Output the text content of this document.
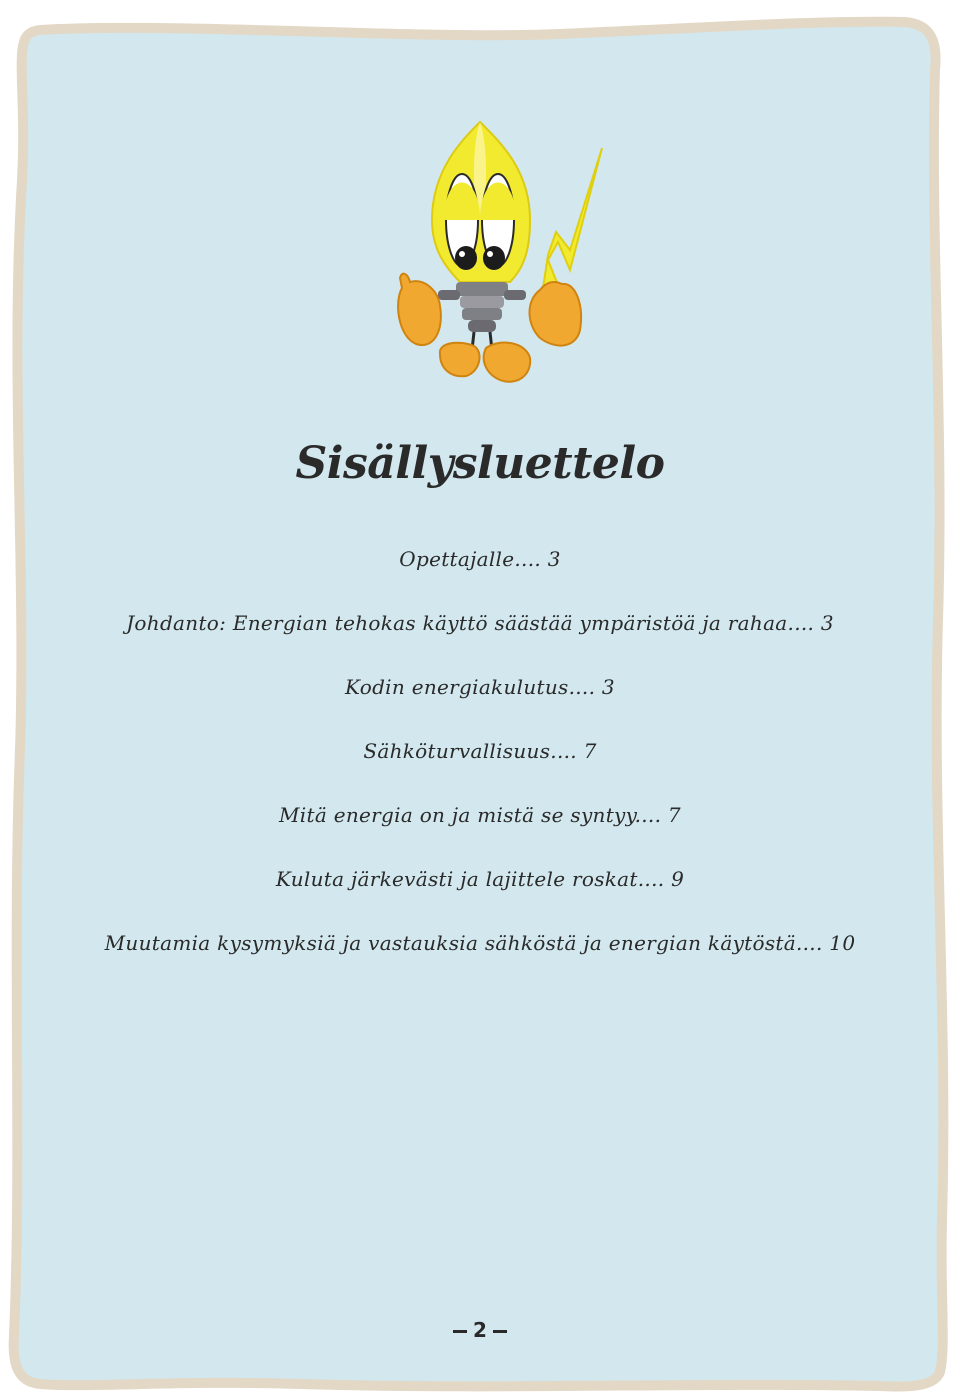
Sisällysluettelo
Opettajalle.... 3
Johdanto: Energian tehokas käyttö säästää ympäristöä ja rahaa.... 3
Kodin energiakulutus.... 3
Sähköturvallisuus.... 7
Mitä energia on ja mistä se syntyy.... 7
Kuluta järkevästi ja lajittele roskat.... 9
Muutamia kysymyksiä ja vastauksia sähköstä ja energian käytöstä.... 10
2
